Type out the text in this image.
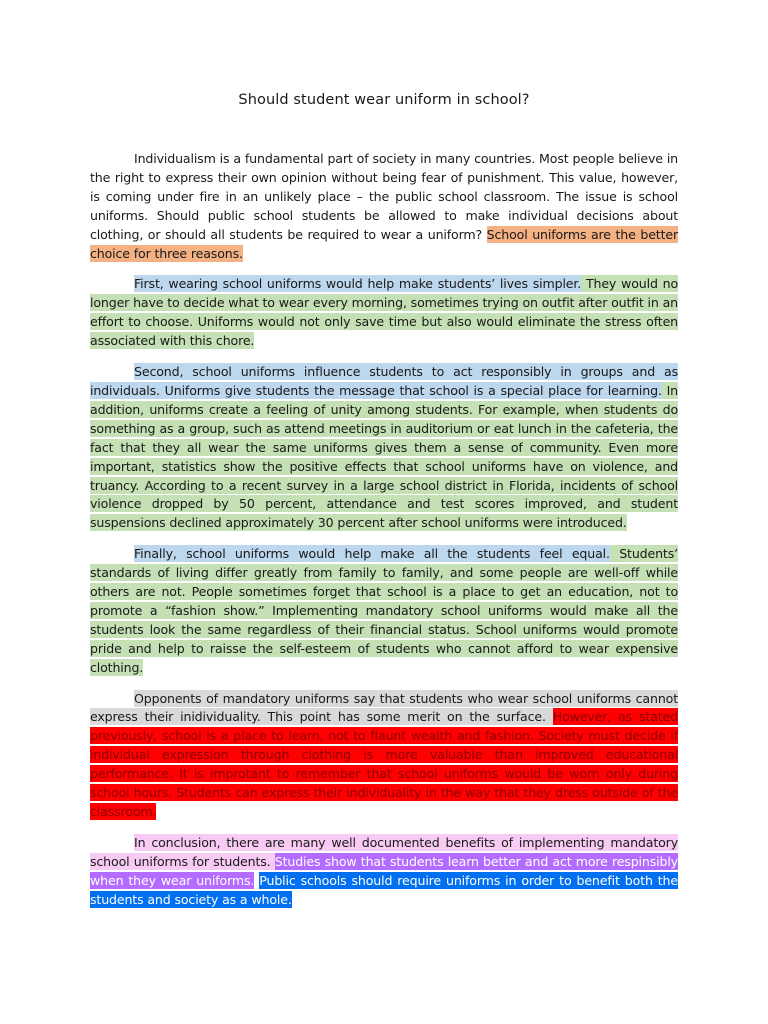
Should student wear uniform in school?

Individualism is a fundamental part of society in many countries. Most people believe in the right to express their own opinion without being fear of punishment. This value, however, is coming under fire in an unlikely place – the public school classroom. The issue is school uniforms. Should public school students be allowed to make individual decisions about clothing, or should all students be required to wear a uniform? School uniforms are the better choice for three reasons.

First, wearing school uniforms would help make students’ lives simpler. They would no longer have to decide what to wear every morning, sometimes trying on outfit after outfit in an effort to choose. Uniforms would not only save time but also would eliminate the stress often associated with this chore.

Second, school uniforms influence students to act responsibly in groups and as individuals. Uniforms give students the message that school is a special place for learning. In addition, uniforms create a feeling of unity among students. For example, when students do something as a group, such as attend meetings in auditorium or eat lunch in the cafeteria, the fact that they all wear the same uniforms gives them a sense of community. Even more important, statistics show the positive effects that school uniforms have on violence, and truancy. According to a recent survey in a large school district in Florida, incidents of school violence dropped by 50 percent, attendance and test scores improved, and student suspensions declined approximately 30 percent after school uniforms were introduced.

Finally, school uniforms would help make all the students feel equal. Students’ standards of living differ greatly from family to family, and some people are well-off while others are not. People sometimes forget that school is a place to get an education, not to promote a “fashion show.” Implementing mandatory school uniforms would make all the students look the same regardless of their financial status. School uniforms would promote pride and help to raisse the self-esteem of students who cannot afford to wear expensive clothing.

Opponents of mandatory uniforms say that students who wear school uniforms cannot express their inidividuality. This point has some merit on the surface. However, as stated previously, school is a place to learn, not to flaunt wealth and fashion. Society must decide if individual expression through clothing is more valuable than improved educational performance. It is improtant to remember that school uniforms would be worn only during school hours. Students can express their individuality in the way that they dress outside of the classroom.

In conclusion, there are many well documented benefits of implementing mandatory school uniforms for students. Studies show that students learn better and act more respinsibly when they wear uniforms. Public schools should require uniforms in order to benefit both the students and society as a whole.
